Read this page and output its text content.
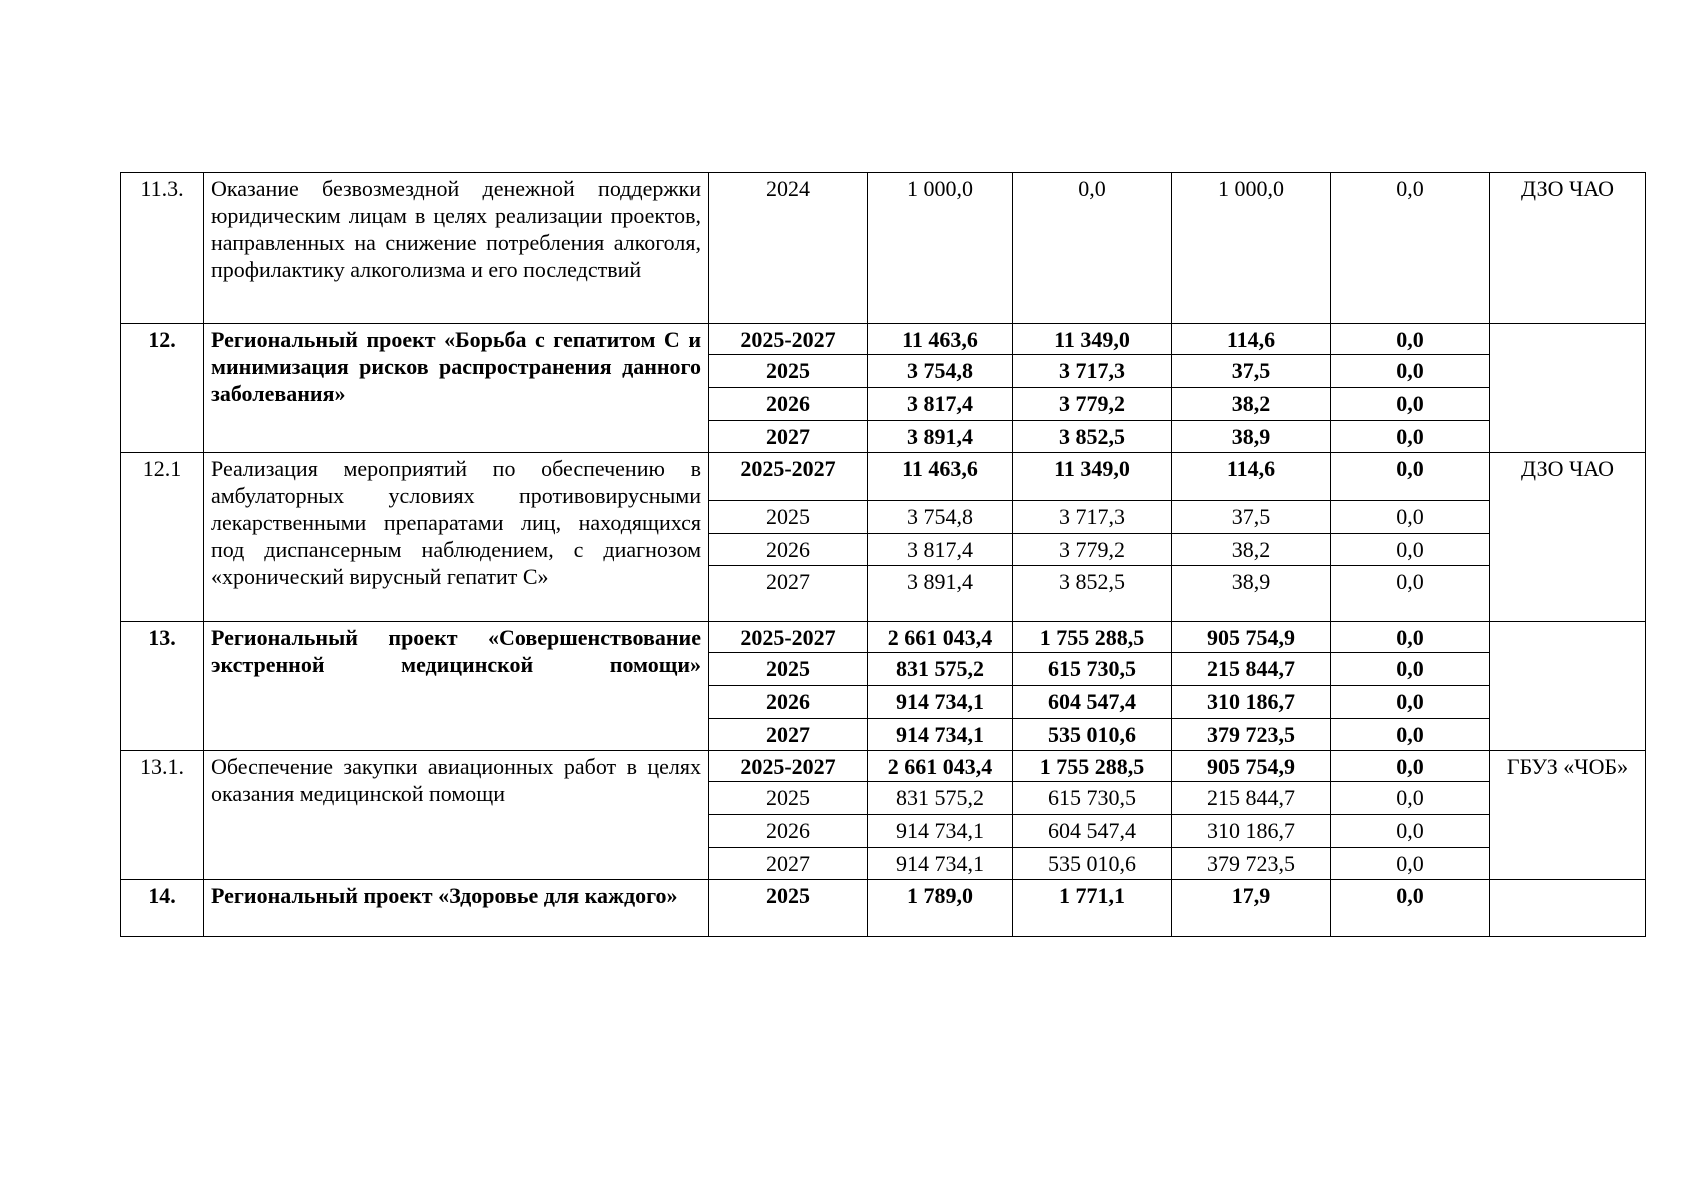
11.3.	Оказание безвозмездной денежной поддержки юридическим лицам в целях реализации проектов, направленных на снижение потребления алкоголя, профилактику алкоголизма и его последствий	2024	1 000,0	0,0	1 000,0	0,0	ДЗО ЧАО
12.	Региональный проект «Борьба с гепатитом С и минимизация рисков распространения данного заболевания»	2025-2027	11 463,6	11 349,0	114,6	0,0	
		2025	3 754,8	3 717,3	37,5	0,0	
		2026	3 817,4	3 779,2	38,2	0,0	
		2027	3 891,4	3 852,5	38,9	0,0	
12.1	Реализация мероприятий по обеспечению в амбулаторных условиях противовирусными лекарственными препаратами лиц, находящихся под диспансерным наблюдением, с диагнозом «хронический вирусный гепатит С»	2025-2027	11 463,6	11 349,0	114,6	0,0	ДЗО ЧАО
		2025	3 754,8	3 717,3	37,5	0,0	
		2026	3 817,4	3 779,2	38,2	0,0	
		2027	3 891,4	3 852,5	38,9	0,0	
13.	Региональный проект «Совершенствование экстренной медицинской помощи»	2025-2027	2 661 043,4	1 755 288,5	905 754,9	0,0	
		2025	831 575,2	615 730,5	215 844,7	0,0	
		2026	914 734,1	604 547,4	310 186,7	0,0	
		2027	914 734,1	535 010,6	379 723,5	0,0	
13.1.	Обеспечение закупки авиационных работ в целях оказания медицинской помощи	2025-2027	2 661 043,4	1 755 288,5	905 754,9	0,0	ГБУЗ «ЧОБ»
		2025	831 575,2	615 730,5	215 844,7	0,0	
		2026	914 734,1	604 547,4	310 186,7	0,0	
		2027	914 734,1	535 010,6	379 723,5	0,0	
14.	Региональный проект «Здоровье для каждого»	2025	1 789,0	1 771,1	17,9	0,0	
